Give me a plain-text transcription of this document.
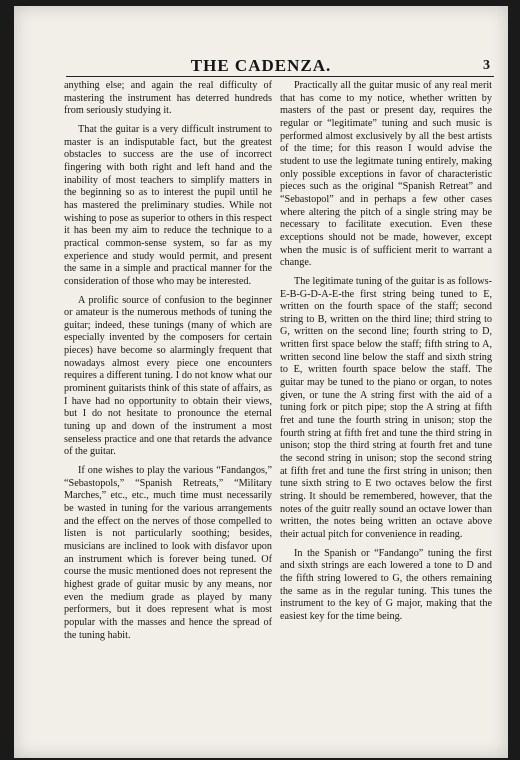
THE CADENZA.	3

anything else; and again the real difficulty of mastering the instrument has deterred hundreds from seriously studying it.

That the guitar is a very difficult instrument to master is an indisputable fact, but the greatest obstacles to success are the use of incorrect fingering with both right and left hand and the inability of most teachers to simplify matters in the beginning so as to interest the pupil until he has mastered the preliminary studies. While not wishing to pose as superior to others in this respect it has been my aim to reduce the technique to a practical common-sense system, so far as my experience and study would permit, and present the same in a simple and practical manner for the consideration of those who may be interested.

A prolific source of confusion to the beginner or amateur is the numerous methods of tuning the guitar; indeed, these tunings (many of which are especially invented by the composers for certain pieces) have become so alarmingly frequent that nowadays almost every piece one encounters requires a different tuning. I do not know what our prominent guitarists think of this state of affairs, as I have had no opportunity to obtain their views, but I do not hesitate to pronounce the eternal tuning up and down of the instrument a most senseless practice and one that retards the advance of the guitar.

If one wishes to play the various “Fandangos,” “Sebastopols,” “Spanish Retreats,” “Military Marches,” etc., etc., much time must necessarily be wasted in tuning for the various arrangements and the effect on the nerves of those compelled to listen is not particularly soothing; besides, musicians are inclined to look with disfavor upon an instrument which is forever being tuned. Of course the music mentioned does not represent the highest grade of guitar music by any means, nor even the medium grade as played by many performers, but it does represent what is most popular with the masses and hence the spread of the tuning habit.

Practically all the guitar music of any real merit that has come to my notice, whether written by masters of the past or present day, requires the regular or “legitimate” tuning and such music is performed almost exclusively by all the best artists of the time; for this reason I would advise the student to use the legitmate tuning entirely, making only possible exceptions in favor of characteristic pieces such as the original “Spanish Retreat” and “Sebastopol” and in perhaps a few other cases where altering the pitch of a single string may be necessary to facilitate execution. Even these exceptions should not be made, however, except when the music is of sufficient merit to warrant a change.

The legitimate tuning of the guitar is as follows-E-B-G-D-A-E-the first string being tuned to E, written on the fourth space of the staff; second string to B, written on the third line; third string to G, written on the second line; fourth string to D, written first space below the staff; fifth string to A, written second line below the staff and sixth string to E, written fourth space below the staff. The guitar may be tuned to the piano or organ, to notes given, or tune the A string first with the aid of a tuning fork or pitch pipe; stop the A string at fifth fret and tune the fourth string in unison; stop the fourth string at fifth fret and tune the third string in unison; stop the third string at fourth fret and tune the second string in unison; stop the second string at fifth fret and tune the first string in unison; then tune sixth string to E two octaves below the first string. It should be remembered, however, that the notes of the guitr really sound an octave lower than written, the notes being written an octave above their actual pitch for convenience in reading.

In the Spanish or “Fandango” tuning the first and sixth strings are each lowered a tone to D and the fifth string lowered to G, the others remaining the same as in the regular tuning. This tunes the instrument to the key of G major, making that the easiest key for the time being.
